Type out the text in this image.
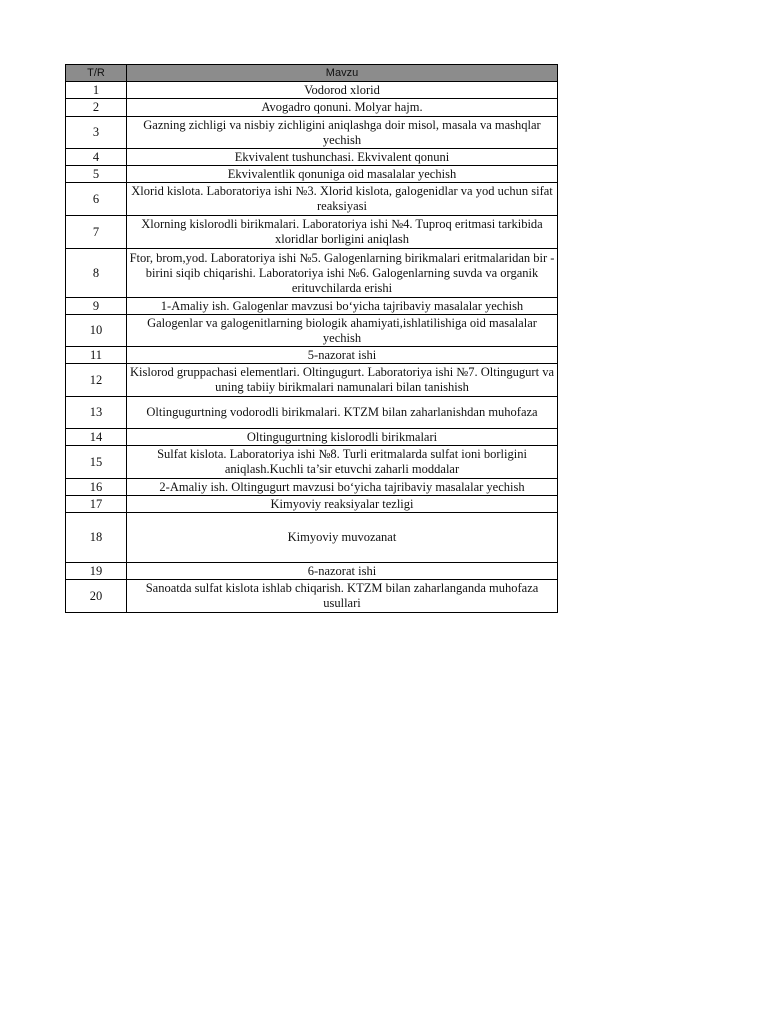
T/R	Mavzu
1	Vodorod xlorid
2	Avogadro qonuni. Molyar hajm.
3	Gazning zichligi va nisbiy zichligini aniqlashga doir misol, masala va mashqlar yechish
4	Ekvivalent tushunchasi. Ekvivalent qonuni
5	Ekvivalentlik qonuniga oid masalalar yechish
6	Xlorid kislota. Laboratoriya ishi №3. Xlorid kislota, galogenidlar va yod uchun sifat reaksiyasi
7	Xlorning kislorodli birikmalari. Laboratoriya ishi №4. Tuproq eritmasi tarkibida xloridlar borligini aniqlash
8	Ftor, brom,yod. Laboratoriya ishi №5. Galogenlarning birikmalari eritmalaridan bir - birini siqib chiqarishi. Laboratoriya ishi №6. Galogenlarning suvda va organik erituvchilarda erishi
9	1-Amaliy ish. Galogenlar mavzusi bo‘yicha tajribaviy masalalar yechish
10	Galogenlar va galogenitlarning biologik ahamiyati,ishlatilishiga oid masalalar yechish
11	5-nazorat ishi
12	Kislorod gruppachasi elementlari. Oltingugurt. Laboratoriya ishi №7. Oltingugurt va uning tabiiy birikmalari namunalari bilan tanishish
13	Oltingugurtning vodorodli birikmalari. KTZM bilan zaharlanishdan muhofaza
14	Oltingugurtning kislorodli birikmalari
15	Sulfat kislota. Laboratoriya ishi №8. Turli eritmalarda sulfat ioni borligini aniqlash.Kuchli ta’sir etuvchi zaharli moddalar
16	2-Amaliy ish. Oltingugurt mavzusi bo‘yicha tajribaviy masalalar yechish
17	Kimyoviy reaksiyalar tezligi
18	Kimyoviy muvozanat
19	6-nazorat ishi
20	Sanoatda sulfat kislota ishlab chiqarish. KTZM bilan zaharlanganda muhofaza usullari
